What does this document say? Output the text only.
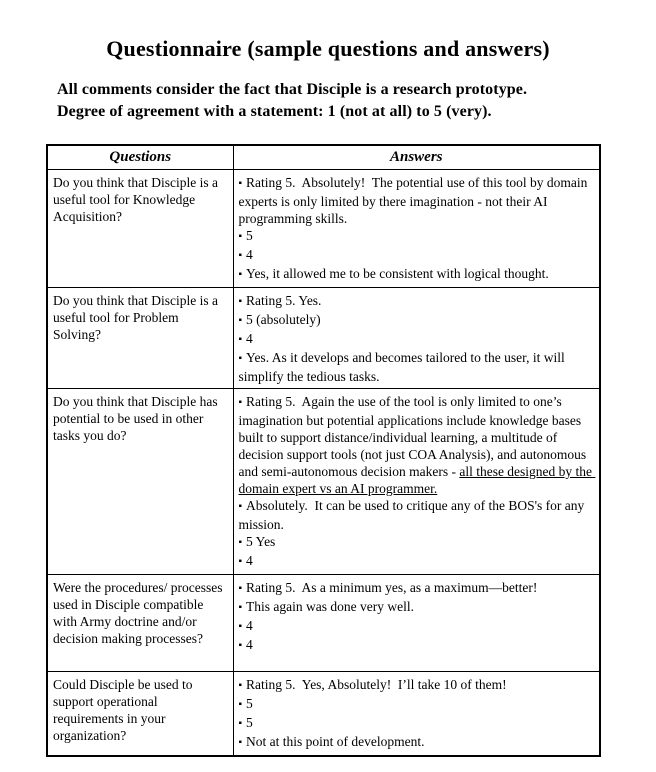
Questionnaire (sample questions and answers)
All comments consider the fact that Disciple is a research prototype.
Degree of agreement with a statement: 1 (not at all) to 5 (very).
Questions	Answers
Do you think that Disciple is a useful tool for Knowledge Acquisition?	▪ Rating 5.  Absolutely!  The potential use of this tool by domain experts is only limited by there imagination - not their AI programming skills.
▪ 5
▪ 4
▪ Yes, it allowed me to be consistent with logical thought.

Do you think that Disciple is a useful tool for Problem Solving?	▪ Rating 5. Yes.
▪ 5 (absolutely)
▪ 4
▪ Yes. As it develops and becomes tailored to the user, it will simplify the tedious tasks.

Do you think that Disciple has potential to be used in other tasks you do?	▪ Rating 5.  Again the use of the tool is only limited to one’s imagination but potential applications include knowledge bases built to support distance/individual learning, a multitude of decision support tools (not just COA Analysis), and autonomous and semi-autonomous decision makers - all these designed by the domain expert vs an AI programmer.
▪ Absolutely.  It can be used to critique any of the BOS's for any mission.
▪ 5 Yes
▪ 4

Were the procedures/ processes used in Disciple compatible with Army doctrine and/or decision making processes?	▪ Rating 5.  As a minimum yes, as a maximum—better!
▪ This again was done very well.
▪ 4
▪ 4

Could Disciple be used to support operational requirements in your organization?	▪ Rating 5.  Yes, Absolutely!  I’ll take 10 of them!
▪ 5
▪ 5
▪ Not at this point of development.
